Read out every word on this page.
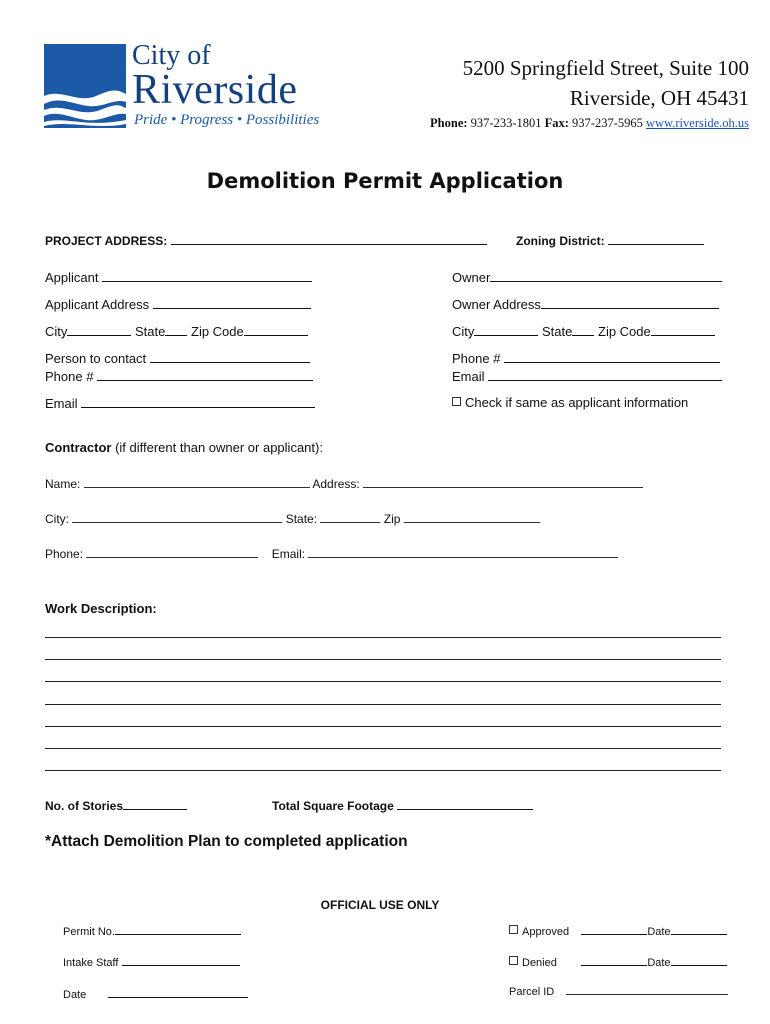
City of
Riverside
Pride • Progress • Possibilities
5200 Springfield Street, Suite 100
Riverside, OH 45431
Phone: 937-233-1801 Fax: 937-237-5965 www.riverside.oh.us
Demolition Permit Application
PROJECT ADDRESS:	Zoning District:
Applicant
Applicant Address
City	State Zip Code
Person to contact
Phone #
Email
Owner
Owner Address
City	State Zip Code
Phone #
Email
Check if same as applicant information
Contractor (if different than owner or applicant):
Name:	Address:
City:	State:	Zip
Phone:	Email:
Work Description:
No. of Stories	Total Square Footage
*Attach Demolition Plan to completed application
OFFICIAL USE ONLY
Permit No.
Intake Staff
Date
Approved	Date
Denied	Date
Parcel ID
